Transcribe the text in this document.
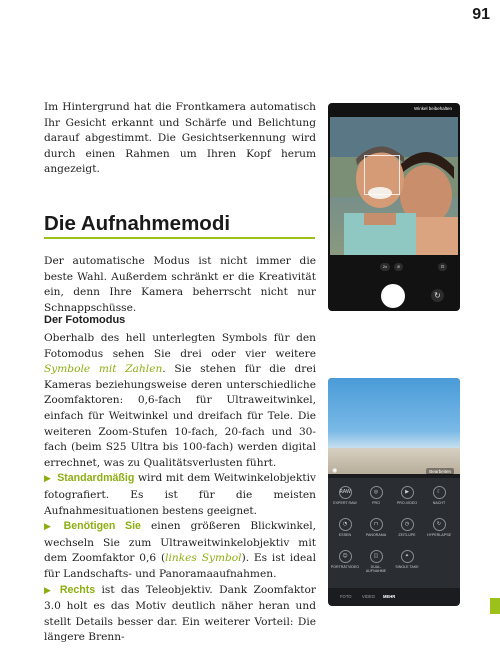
91

Im Hintergrund hat die Frontkamera automatisch Ihr Gesicht erkannt und Schärfe und Belichtung darauf abgestimmt. Die Gesichtserkennung wird durch einen Rahmen um Ihren Kopf herum angezeigt.

Die Aufnahmemodi

Der automatische Modus ist nicht immer die beste Wahl. Außerdem schränkt er die Kreativität ein, denn Ihre Kamera beherrscht nicht nur Schnappschüsse.

Der Fotomodus

Oberhalb des hell unterlegten Symbols für den Fotomodus sehen Sie drei oder vier weitere Symbole mit Zahlen. Sie stehen für die drei Kameras beziehungsweise deren unterschiedliche Zoomfaktoren: 0,6-fach für Ultraweitwinkel, einfach für Weitwinkel und dreifach für Tele. Die weiteren Zoom-Stufen 10-fach, 20-fach und 30-fach (beim S25 Ultra bis 100-fach) werden digital errechnet, was zu Qualitätsverlusten führt.

▶ Standardmäßig wird mit dem Weitwinkelobjektiv fotografiert. Es ist für die meisten Aufnahmesituationen bestens geeignet.

▶ Benötigen Sie einen größeren Blickwinkel, wechseln Sie zum Ultraweitwinkelobjektiv mit dem Zoomfaktor 0,6 (linkes Symbol). Es ist ideal für Landschafts- und Panoramaaufnahmen.

▶ Rechts ist das Teleobjektiv. Dank Zoomfaktor 3.0 holt es das Motiv deutlich näher heran und stellt Details besser dar. Ein weiterer Vorteil: Die längere Brenn-

Winkel beibehalten
2x	⊘	⊡
↻
◉	Bearbeiten
RAW
EXPERT RAW
◎
PRO
▶
PRO-VIDEO
☾
NACHT
◔
ESSEN
⊓
PANORAMA
◷
ZEITLUPE
↻
HYPERLAPSE
☺
PORTRÄTVIDEO
◫
DUAL-AUFNAHME
✦
SINGLE TAKE
FOTO VIDEO MEHR
